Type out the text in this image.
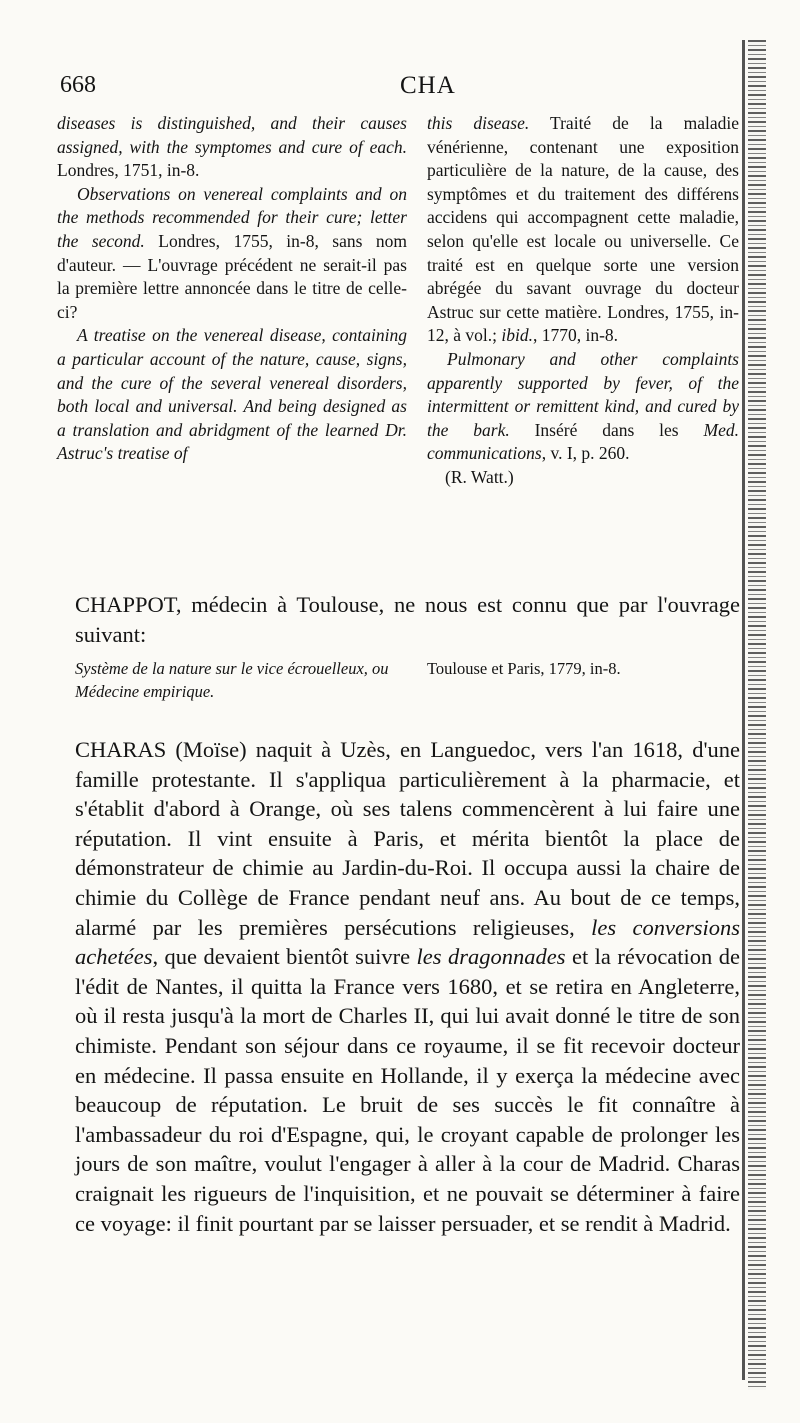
668	CHA

diseases is distinguished, and their causes assigned, with the symptomes and cure of each. Londres, 1751, in-8.

Observations on venereal complaints and on the methods recommended for their cure; letter the second. Londres, 1755, in-8, sans nom d'auteur. — L'ouvrage précédent ne serait-il pas la première lettre annoncée dans le titre de celle-ci?

A treatise on the venereal disease, containing a particular account of the nature, cause, signs, and the cure of the several venereal disorders, both local and universal. And being designed as a translation and abridgment of the learned Dr. Astruc's treatise of

this disease. Traité de la maladie vénérienne, contenant une exposition particulière de la nature, de la cause, des symptômes et du traitement des différens accidens qui accompagnent cette maladie, selon qu'elle est locale ou universelle. Ce traité est en quelque sorte une version abrégée du savant ouvrage du docteur Astruc sur cette matière. Londres, 1755, in-12, à vol.; ibid., 1770, in-8.

Pulmonary and other complaints apparently supported by fever, of the intermittent or remittent kind, and cured by the bark. Inséré dans les Med. communications, v. I, p. 260.

(R. Watt.)

CHAPPOT, médecin à Toulouse, ne nous est connu que par l'ouvrage suivant:

Système de la nature sur le vice écrouelleux, ou Médecine empirique.
Toulouse et Paris, 1779, in-8.

CHARAS (Moïse) naquit à Uzès, en Languedoc, vers l'an 1618, d'une famille protestante. Il s'appliqua particulièrement à la pharmacie, et s'établit d'abord à Orange, où ses talens commencèrent à lui faire une réputation. Il vint ensuite à Paris, et mérita bientôt la place de démonstrateur de chimie au Jardin-du-Roi. Il occupa aussi la chaire de chimie du Collège de France pendant neuf ans. Au bout de ce temps, alarmé par les premières persécutions religieuses, les conversions achetées, que devaient bientôt suivre les dragonnades et la révocation de l'édit de Nantes, il quitta la France vers 1680, et se retira en Angleterre, où il resta jusqu'à la mort de Charles II, qui lui avait donné le titre de son chimiste. Pendant son séjour dans ce royaume, il se fit recevoir docteur en médecine. Il passa ensuite en Hollande, il y exerça la médecine avec beaucoup de réputation. Le bruit de ses succès le fit connaître à l'ambassadeur du roi d'Espagne, qui, le croyant capable de prolonger les jours de son maître, voulut l'engager à aller à la cour de Madrid. Charas craignait les rigueurs de l'inquisition, et ne pouvait se déterminer à faire ce voyage: il finit pourtant par se laisser persuader, et se rendit à Madrid.
